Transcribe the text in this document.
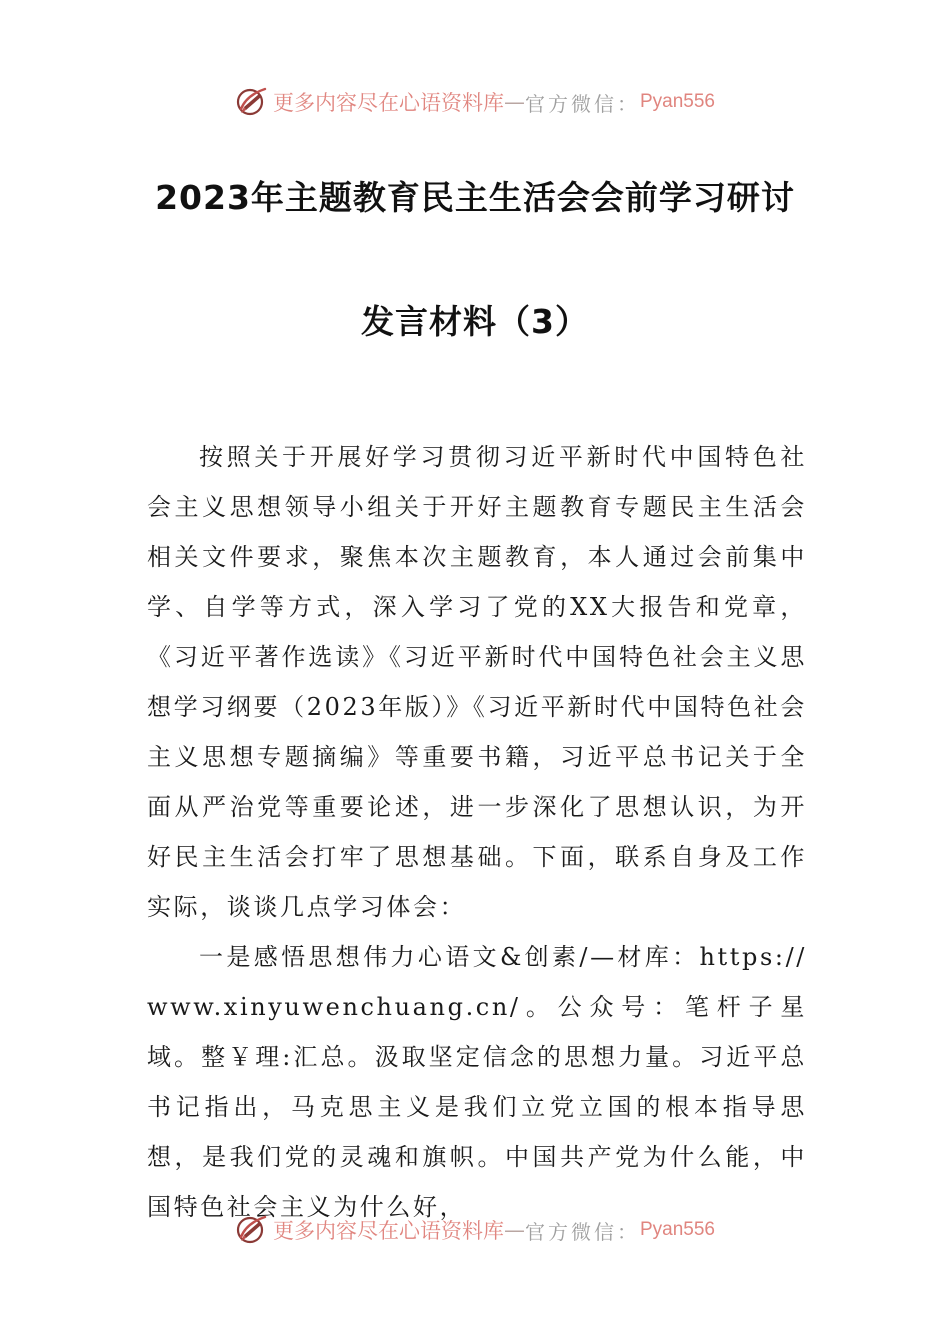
更多内容尽在心语资料库 — 官方微信： Pyan556
2023年主题教育民主生活会会前学习研讨
发言材料（3）

按照关于开展好学习贯彻习近平新时代中国特色社会主义思想领导小组关于开好主题教育专题民主生活会相关文件要求，聚焦本次主题教育，本人通过会前集中学、自学等方式，深入学习了党的XX大报告和党章，《习近平著作选读》《习近平新时代中国特色社会主义思想学习纲要（2023年版）》《习近平新时代中国特色社会主义思想专题摘编》等重要书籍，习近平总书记关于全面从严治党等重要论述，进一步深化了思想认识，为开好民主生活会打牢了思想基础。下面，联系自身及工作实际，谈谈几点学习体会：

一是感悟思想伟力心语文&创素/—材库：https://www.xinyuwenchuang.cn/。公众号：笔杆子星域。整￥理:汇总。汲取坚定信念的思想力量。习近平总书记指出，马克思主义是我们立党立国的根本指导思想，是我们党的灵魂和旗帜。中国共产党为什么能，中国特色社会主义为什么好，

更多内容尽在心语资料库 — 官方微信： Pyan556
